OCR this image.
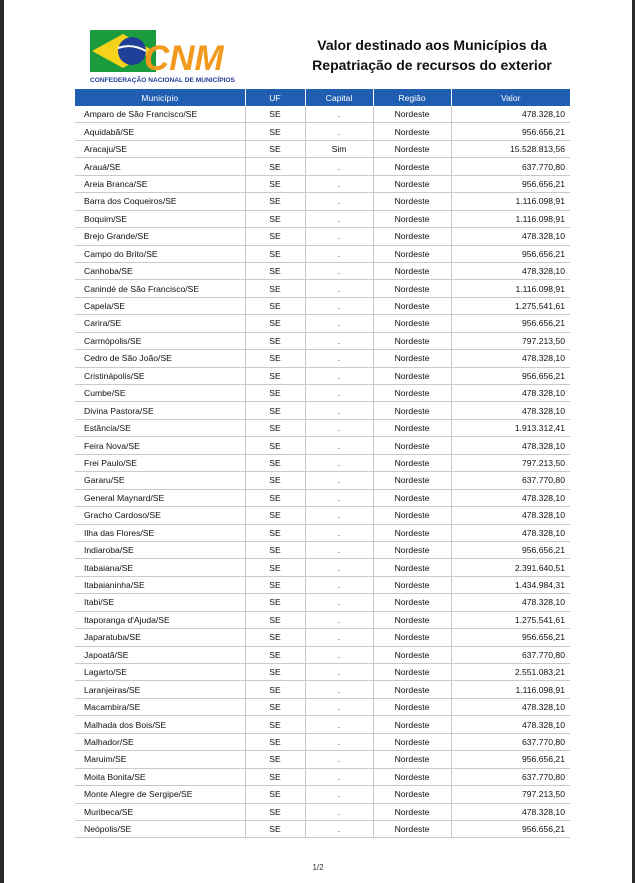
CNM
CONFEDERAÇÃO NACIONAL DE MUNICÍPIOS
Valor destinado aos Municípios da
Repatriação de recursos do exterior
Município	UF	Capital	Região	Valor
Amparo de São Francisco/SE	SE	.	Nordeste	478.328,10
Aquidabã/SE	SE	.	Nordeste	956.656,21
Aracaju/SE	SE	Sim	Nordeste	15.528.813,56
Arauá/SE	SE	.	Nordeste	637.770,80
Areia Branca/SE	SE	.	Nordeste	956.656,21
Barra dos Coqueiros/SE	SE	.	Nordeste	1.116.098,91
Boquim/SE	SE	.	Nordeste	1.116.098,91
Brejo Grande/SE	SE	.	Nordeste	478.328,10
Campo do Brito/SE	SE	.	Nordeste	956.656,21
Canhoba/SE	SE	.	Nordeste	478.328,10
Canindé de São Francisco/SE	SE	.	Nordeste	1.116.098,91
Capela/SE	SE	.	Nordeste	1.275.541,61
Carira/SE	SE	.	Nordeste	956.656,21
Carmópolis/SE	SE	.	Nordeste	797.213,50
Cedro de São João/SE	SE	.	Nordeste	478.328,10
Cristinápolis/SE	SE	.	Nordeste	956.656,21
Cumbe/SE	SE	.	Nordeste	478.328,10
Divina Pastora/SE	SE	.	Nordeste	478.328,10
Estância/SE	SE	.	Nordeste	1.913.312,41
Feira Nova/SE	SE	.	Nordeste	478.328,10
Frei Paulo/SE	SE	.	Nordeste	797.213,50
Gararu/SE	SE	.	Nordeste	637.770,80
General Maynard/SE	SE	.	Nordeste	478.328,10
Gracho Cardoso/SE	SE	.	Nordeste	478.328,10
Ilha das Flores/SE	SE	.	Nordeste	478.328,10
Indiaroba/SE	SE	.	Nordeste	956.656,21
Itabaiana/SE	SE	.	Nordeste	2.391.640,51
Itabaianinha/SE	SE	.	Nordeste	1.434.984,31
Itabi/SE	SE	.	Nordeste	478.328,10
Itaporanga d'Ajuda/SE	SE	.	Nordeste	1.275.541,61
Japaratuba/SE	SE	.	Nordeste	956.656,21
Japoatã/SE	SE	.	Nordeste	637.770,80
Lagarto/SE	SE	.	Nordeste	2.551.083,21
Laranjeiras/SE	SE	.	Nordeste	1.116.098,91
Macambira/SE	SE	.	Nordeste	478.328,10
Malhada dos Bois/SE	SE	.	Nordeste	478.328,10
Malhador/SE	SE	.	Nordeste	637.770,80
Maruim/SE	SE	.	Nordeste	956.656,21
Moita Bonita/SE	SE	.	Nordeste	637.770,80
Monte Alegre de Sergipe/SE	SE	.	Nordeste	797.213,50
Muribeca/SE	SE	.	Nordeste	478.328,10
Neópolis/SE	SE	.	Nordeste	956.656,21
1/2
